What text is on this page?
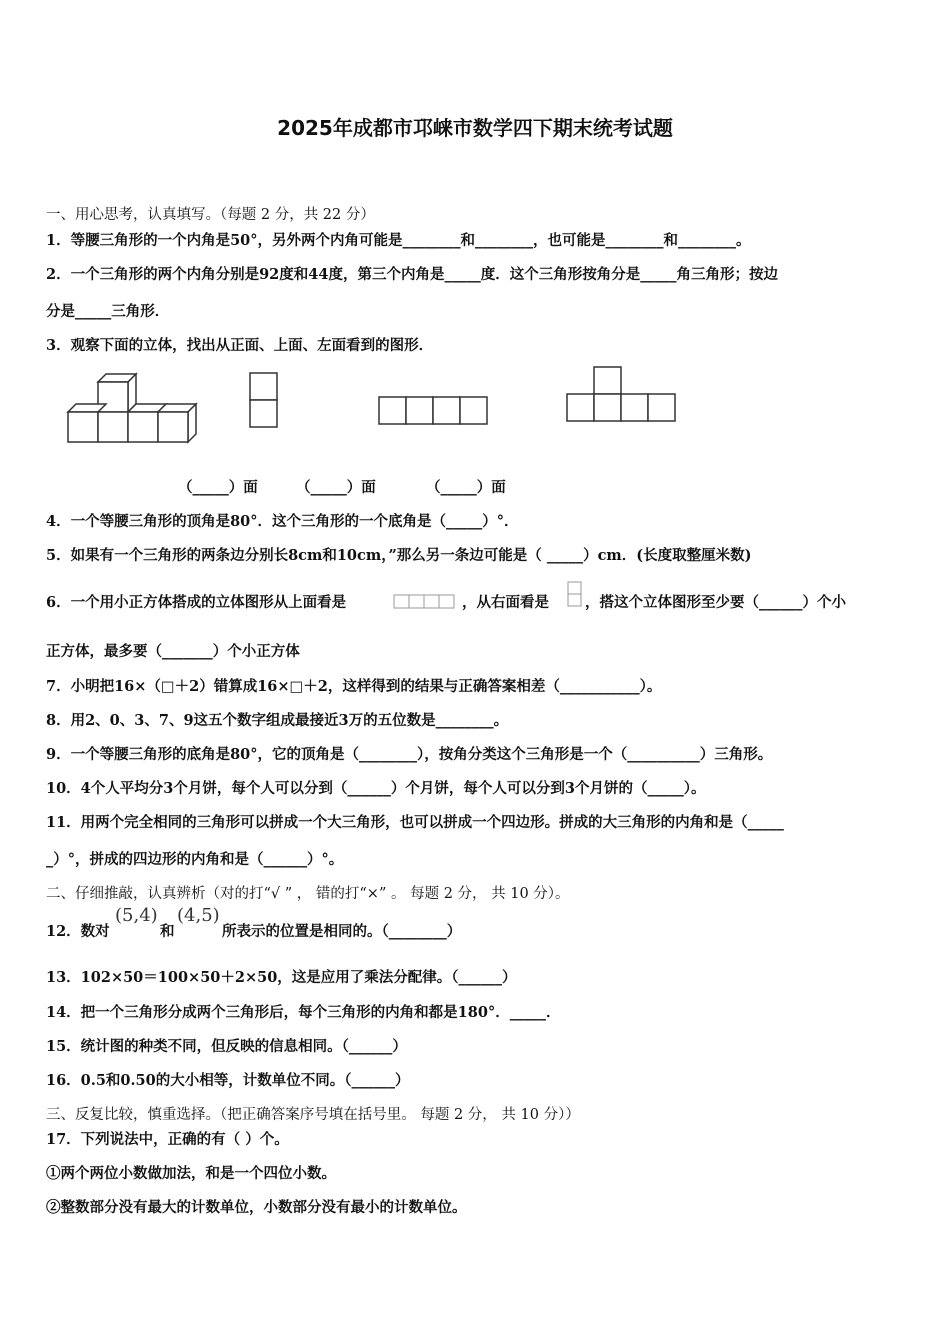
2025年成都市邛崃市数学四下期末统考试题
一、用心思考，认真填写。（每题 2 分，共 22 分）
1．等腰三角形的一个内角是50°，另外两个内角可能是________和________，也可能是________和________。
2．一个三角形的两个内角分别是92度和44度，第三个内角是_____度．这个三角形按角分是_____角三角形；按边
分是_____三角形．
3．观察下面的立体，找出从正面、上面、左面看到的图形．
（_____）面	（_____）面	（_____）面
4．一个等腰三角形的顶角是80°．这个三角形的一个底角是（_____）°．
5．如果有一个三角形的两条边分别长8cm和10cm，”那么另一条边可能是（ _____）cm．(长度取整厘米数)
6．一个用小正方体搭成的立体图形从上面看是	，从右面看是 ，搭这个立体图形至少要（______）个小
正方体，最多要（_______）个小正方体
7．小明把16×（□＋2）错算成16×□＋2，这样得到的结果与正确答案相差（___________）。
8．用2、0、3、7、9这五个数字组成最接近3万的五位数是________。
9．一个等腰三角形的底角是80°，它的顶角是（________），按角分类这个三角形是一个（__________）三角形。
10．4个人平均分3个月饼，每个人可以分到（______）个月饼，每个人可以分到3个月饼的（_____）。
11．用两个完全相同的三角形可以拼成一个大三角形，也可以拼成一个四边形。拼成的大三角形的内角和是（_____
_）°，拼成的四边形的内角和是（______）°。
二、仔细推敲，认真辨析（对的打“√ ” ， 错的打“×” 。 每题 2 分， 共 10 分）。
12．数对
(5,4)
和
(4,5)
所表示的位置是相同的。（________）
13．102×50＝100×50＋2×50，这是应用了乘法分配律。（______）
14．把一个三角形分成两个三角形后，每个三角形的内角和都是180°．_____．
15．统计图的种类不同，但反映的信息相同。（______）
16．0.5和0.50的大小相等，计数单位不同。（______）
三、反复比较，慎重选择。（把正确答案序号填在括号里。 每题 2 分， 共 10 分））
17．下列说法中，正确的有（ ）个。
①两个两位小数做加法，和是一个四位小数。
②整数部分没有最大的计数单位，小数部分没有最小的计数单位。
